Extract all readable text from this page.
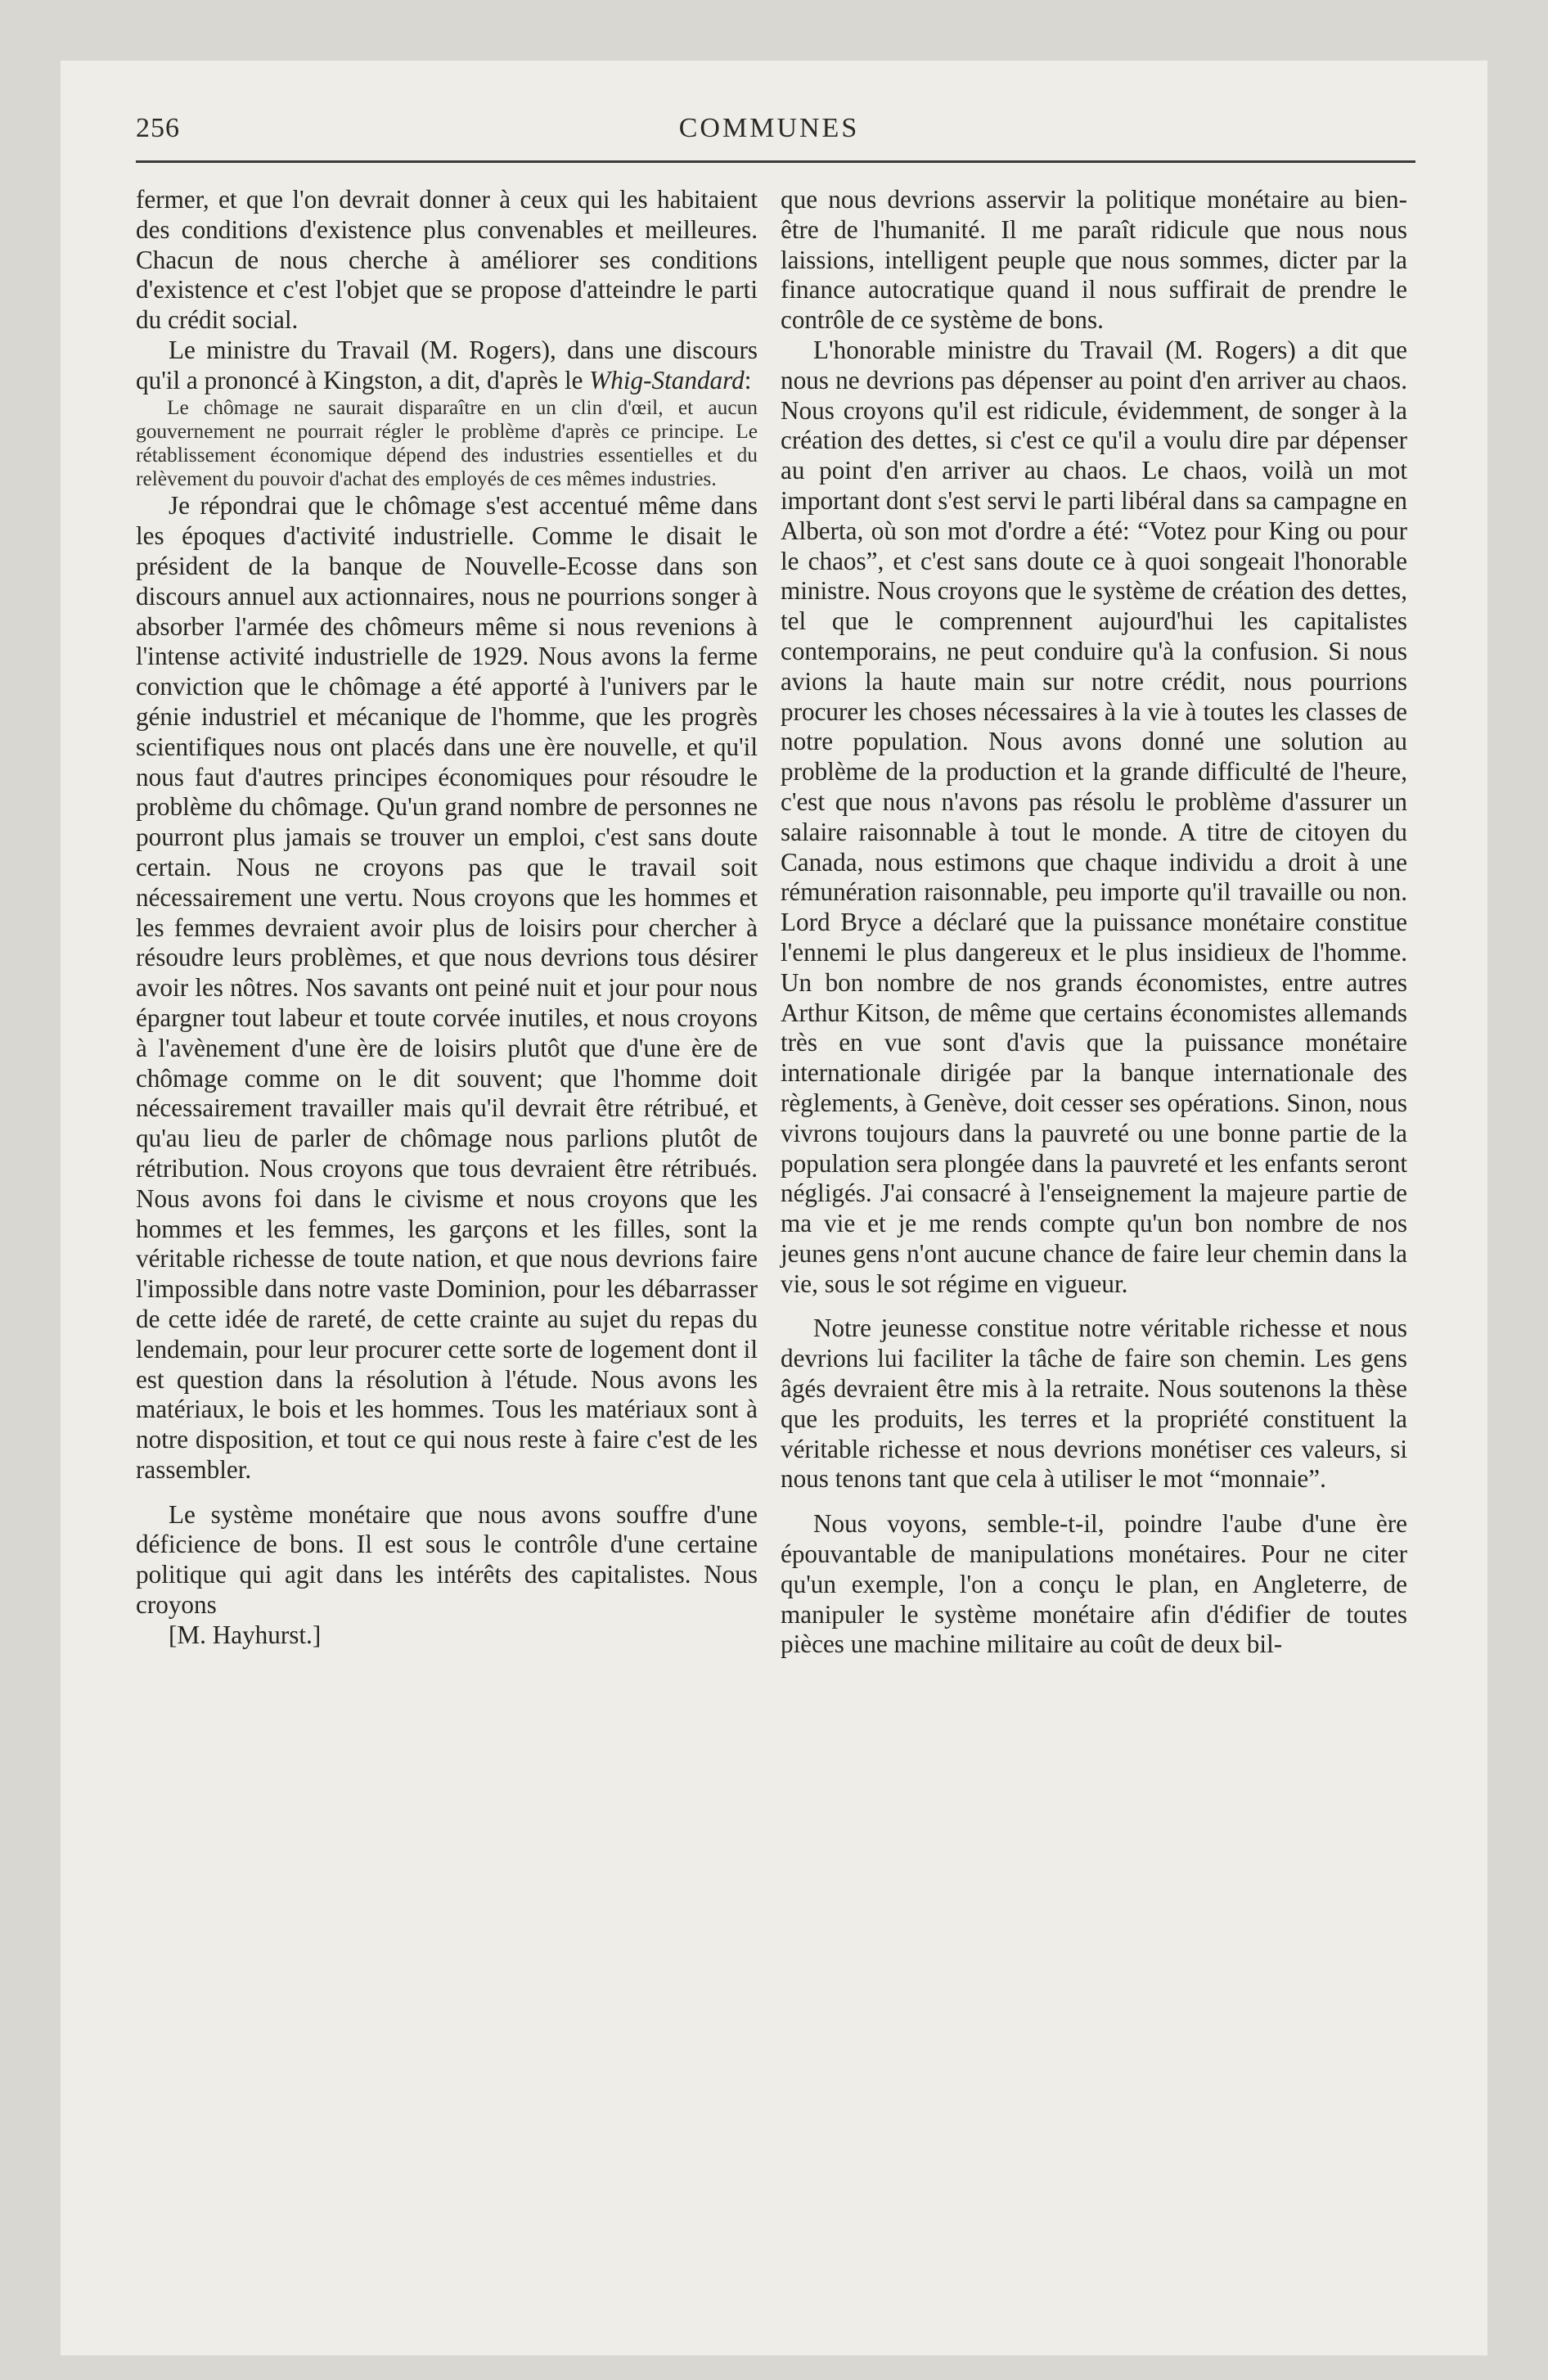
256	COMMUNES

fermer, et que l'on devrait donner à ceux qui les habitaient des conditions d'existence plus convenables et meilleures. Chacun de nous cherche à améliorer ses conditions d'existence et c'est l'objet que se propose d'atteindre le parti du crédit social.

Le ministre du Travail (M. Rogers), dans une discours qu'il a prononcé à Kingston, a dit, d'après le Whig-Standard:

Le chômage ne saurait disparaître en un clin d'œil, et aucun gouvernement ne pourrait régler le problème d'après ce principe. Le rétablissement économique dépend des industries essentielles et du relèvement du pouvoir d'achat des employés de ces mêmes industries.

Je répondrai que le chômage s'est accentué même dans les époques d'activité industrielle. Comme le disait le président de la banque de Nouvelle-Ecosse dans son discours annuel aux actionnaires, nous ne pourrions songer à absorber l'armée des chômeurs même si nous revenions à l'intense activité industrielle de 1929. Nous avons la ferme conviction que le chômage a été apporté à l'univers par le génie industriel et mécanique de l'homme, que les progrès scientifiques nous ont placés dans une ère nouvelle, et qu'il nous faut d'autres principes économiques pour résoudre le problème du chômage. Qu'un grand nombre de personnes ne pourront plus jamais se trouver un emploi, c'est sans doute certain. Nous ne croyons pas que le travail soit nécessairement une vertu. Nous croyons que les hommes et les femmes devraient avoir plus de loisirs pour chercher à résoudre leurs problèmes, et que nous devrions tous désirer avoir les nôtres. Nos savants ont peiné nuit et jour pour nous épargner tout labeur et toute corvée inutiles, et nous croyons à l'avènement d'une ère de loisirs plutôt que d'une ère de chômage comme on le dit souvent; que l'homme doit nécessairement travailler mais qu'il devrait être rétribué, et qu'au lieu de parler de chômage nous parlions plutôt de rétribution. Nous croyons que tous devraient être rétribués. Nous avons foi dans le civisme et nous croyons que les hommes et les femmes, les garçons et les filles, sont la véritable richesse de toute nation, et que nous devrions faire l'impossible dans notre vaste Dominion, pour les débarrasser de cette idée de rareté, de cette crainte au sujet du repas du lendemain, pour leur procurer cette sorte de logement dont il est question dans la résolution à l'étude. Nous avons les matériaux, le bois et les hommes. Tous les matériaux sont à notre disposition, et tout ce qui nous reste à faire c'est de les rassembler.

Le système monétaire que nous avons souffre d'une déficience de bons. Il est sous le contrôle d'une certaine politique qui agit dans les intérêts des capitalistes. Nous croyons

[M. Hayhurst.]

que nous devrions asservir la politique monétaire au bien-être de l'humanité. Il me paraît ridicule que nous nous laissions, intelligent peuple que nous sommes, dicter par la finance autocratique quand il nous suffirait de prendre le contrôle de ce système de bons.

L'honorable ministre du Travail (M. Rogers) a dit que nous ne devrions pas dépenser au point d'en arriver au chaos. Nous croyons qu'il est ridicule, évidemment, de songer à la création des dettes, si c'est ce qu'il a voulu dire par dépenser au point d'en arriver au chaos. Le chaos, voilà un mot important dont s'est servi le parti libéral dans sa campagne en Alberta, où son mot d'ordre a été: “Votez pour King ou pour le chaos”, et c'est sans doute ce à quoi songeait l'honorable ministre. Nous croyons que le système de création des dettes, tel que le comprennent aujourd'hui les capitalistes contemporains, ne peut conduire qu'à la confusion. Si nous avions la haute main sur notre crédit, nous pourrions procurer les choses nécessaires à la vie à toutes les classes de notre population. Nous avons donné une solution au problème de la production et la grande difficulté de l'heure, c'est que nous n'avons pas résolu le problème d'assurer un salaire raisonnable à tout le monde. A titre de citoyen du Canada, nous estimons que chaque individu a droit à une rémunération raisonnable, peu importe qu'il travaille ou non. Lord Bryce a déclaré que la puissance monétaire constitue l'ennemi le plus dangereux et le plus insidieux de l'homme. Un bon nombre de nos grands économistes, entre autres Arthur Kitson, de même que certains économistes allemands très en vue sont d'avis que la puissance monétaire internationale dirigée par la banque internationale des règlements, à Genève, doit cesser ses opérations. Sinon, nous vivrons toujours dans la pauvreté ou une bonne partie de la population sera plongée dans la pauvreté et les enfants seront négligés. J'ai consacré à l'enseignement la majeure partie de ma vie et je me rends compte qu'un bon nombre de nos jeunes gens n'ont aucune chance de faire leur chemin dans la vie, sous le sot régime en vigueur.

Notre jeunesse constitue notre véritable richesse et nous devrions lui faciliter la tâche de faire son chemin. Les gens âgés devraient être mis à la retraite. Nous soutenons la thèse que les produits, les terres et la propriété constituent la véritable richesse et nous devrions monétiser ces valeurs, si nous tenons tant que cela à utiliser le mot “monnaie”.

Nous voyons, semble-t-il, poindre l'aube d'une ère épouvantable de manipulations monétaires. Pour ne citer qu'un exemple, l'on a conçu le plan, en Angleterre, de manipuler le système monétaire afin d'édifier de toutes pièces une machine militaire au coût de deux bil-
